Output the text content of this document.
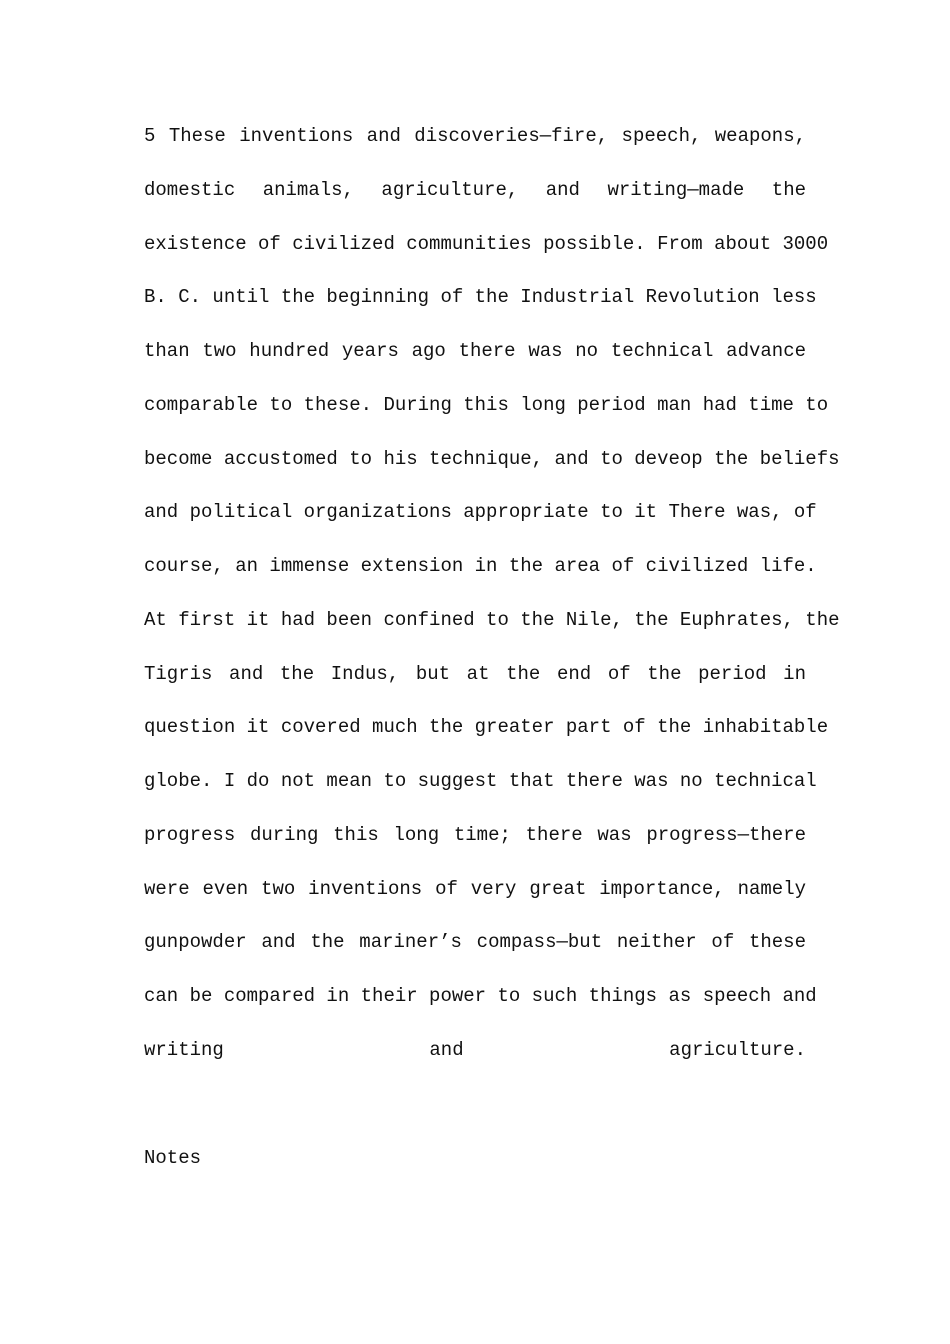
5 These inventions and discoveries—fire, speech, weapons,
domestic animals, agriculture, and writing—made the
existence of civilized communities possible. From about 3000
B. C. until the beginning of the Industrial Revolution less
than two hundred years ago there was no technical advance
comparable to these. During this long period man had time to
become accustomed to his technique, and to deveop the beliefs
and political organizations appropriate to it There was, of
course, an immense extension in the area of civilized life.
At first it had been confined to the Nile, the Euphrates, the
Tigris and the Indus, but at the end of the period in
question it covered much the greater part of the inhabitable
globe. I do not mean to suggest that there was no technical
progress during this long time; there was progress—there
were even two inventions of very great importance, namely
gunpowder and the mariner’s compass—but neither of these
can be compared in their power to such things as speech and
writing and agriculture.

Notes
